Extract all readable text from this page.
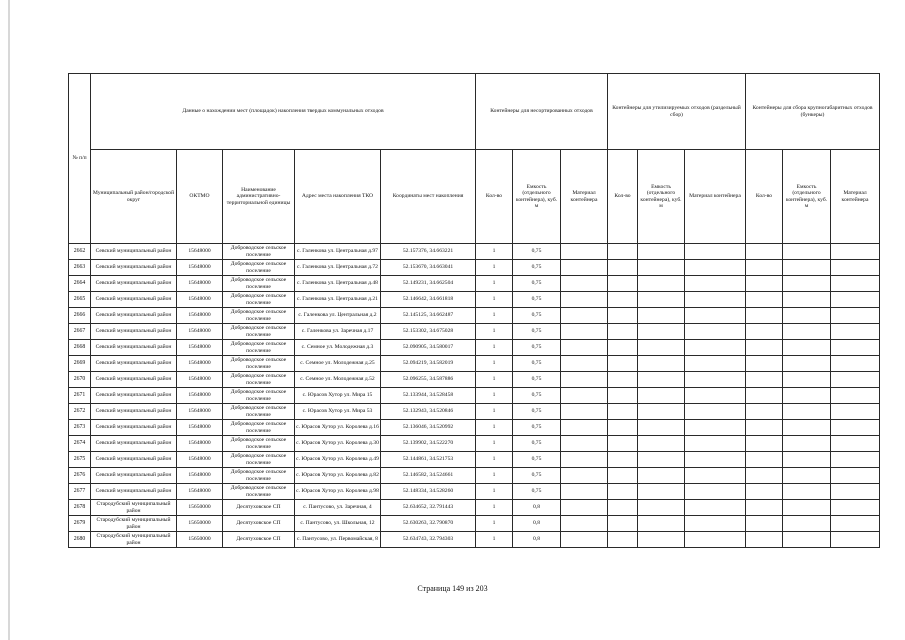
№ п/п	Данные о нахождении мест (площадок) накопления твердых коммунальных отходов					Контейнеры для несортированных отходов			Контейнеры для утилизируемых отходов (раздельный сбор)			Контейнеры для сбора крупногабаритных отходов (бункеры)		
	Муниципальный район/городской округ	ОКТМО	Наименование административно-территориальной единицы	Адрес места накопления ТКО	Координаты мест накопления	Кол-во	Емкость (отдельного контейнера), куб. м	Материал контейнера	Кол-во	Емкость (отдельного контейнера), куб. м	Материал контейнера	Кол-во	Емкость (отдельного контейнера), куб. м	Материал контейнера
2662	Севский муниципальный район	15648000	Доброводское сельское поселение	с. Галенкова ул. Центральная д.97	52.157376, 34.663221	1	0,75							
2663	Севский муниципальный район	15648000	Доброводское сельское поселение	с. Галенкова ул. Центральная д.72	52.153670, 34.663041	1	0,75							
2664	Севский муниципальный район	15648000	Доброводское сельское поселение	с. Галенкова ул. Центральная д.48	52.149231, 34.662504	1	0,75							
2665	Севский муниципальный район	15648000	Доброводское сельское поселение	с. Галенкова ул. Центральная д.21	52.146642, 34.661818	1	0,75							
2666	Севский муниципальный район	15648000	Доброводское сельское поселение	с. Галенкова ул. Центральная д.2	52.145125, 34.662487	1	0,75							
2667	Севский муниципальный район	15648000	Доброводское сельское поселение	с. Галенкова ул. Заречная д.17	52.153302, 34.675028	1	0,75							
2668	Севский муниципальный район	15648000	Доброводское сельское поселение	с. Семное ул. Молодежная д.3	52.090905, 34.580017	1	0,75							
2669	Севский муниципальный район	15648000	Доброводское сельское поселение	с. Семное ул. Молодежная д.25	52.094219, 34.582019	1	0,75							
2670	Севский муниципальный район	15648000	Доброводское сельское поселение	с. Семное ул. Молодежная д.52	52.096255, 34.587886	1	0,75							
2671	Севский муниципальный район	15648000	Доброводское сельское поселение	с. Юрасов Хутор ул. Мира 15	52.133944, 34.528458	1	0,75							
2672	Севский муниципальный район	15648000	Доброводское сельское поселение	с. Юрасов Хутор ул. Мира 53	52.132943, 34.520846	1	0,75							
2673	Севский муниципальный район	15648000	Доброводское сельское поселение	с. Юрасов Хутор ул. Королева д.16	52.136046, 34.520992	1	0,75							
2674	Севский муниципальный район	15648000	Доброводское сельское поселение	с. Юрасов Хутор ул. Королева д.30	52.139902, 34.522270	1	0,75							
2675	Севский муниципальный район	15648000	Доброводское сельское поселение	с. Юрасов Хутор ул. Королева д.49	52.144861, 34.521753	1	0,75							
2676	Севский муниципальный район	15648000	Доброводское сельское поселение	с. Юрасов Хутор ул. Королева д.82	52.146582, 34.524661	1	0,75							
2677	Севский муниципальный район	15648000	Доброводское сельское поселение	с. Юрасов Хутор ул. Королева д.98	52.148334, 34.528260	1	0,75							
2678	Стародубский муниципальный район	15650000	Десятуховское СП	с. Пантусово, ул. Заречная, 4	52.634652, 32.791443	1	0,8							
2679	Стародубский муниципальный район	15650000	Десятуховское СП	с. Пантусово, ул. Школьная, 12	52.630263, 32.790870	1	0,8							
2680	Стародубский муниципальный район	15650000	Десятуховское СП	с. Пантусово, ул. Первомайская, 8	52.634743, 32.794303	1	0,8							
Страница 149 из 203
